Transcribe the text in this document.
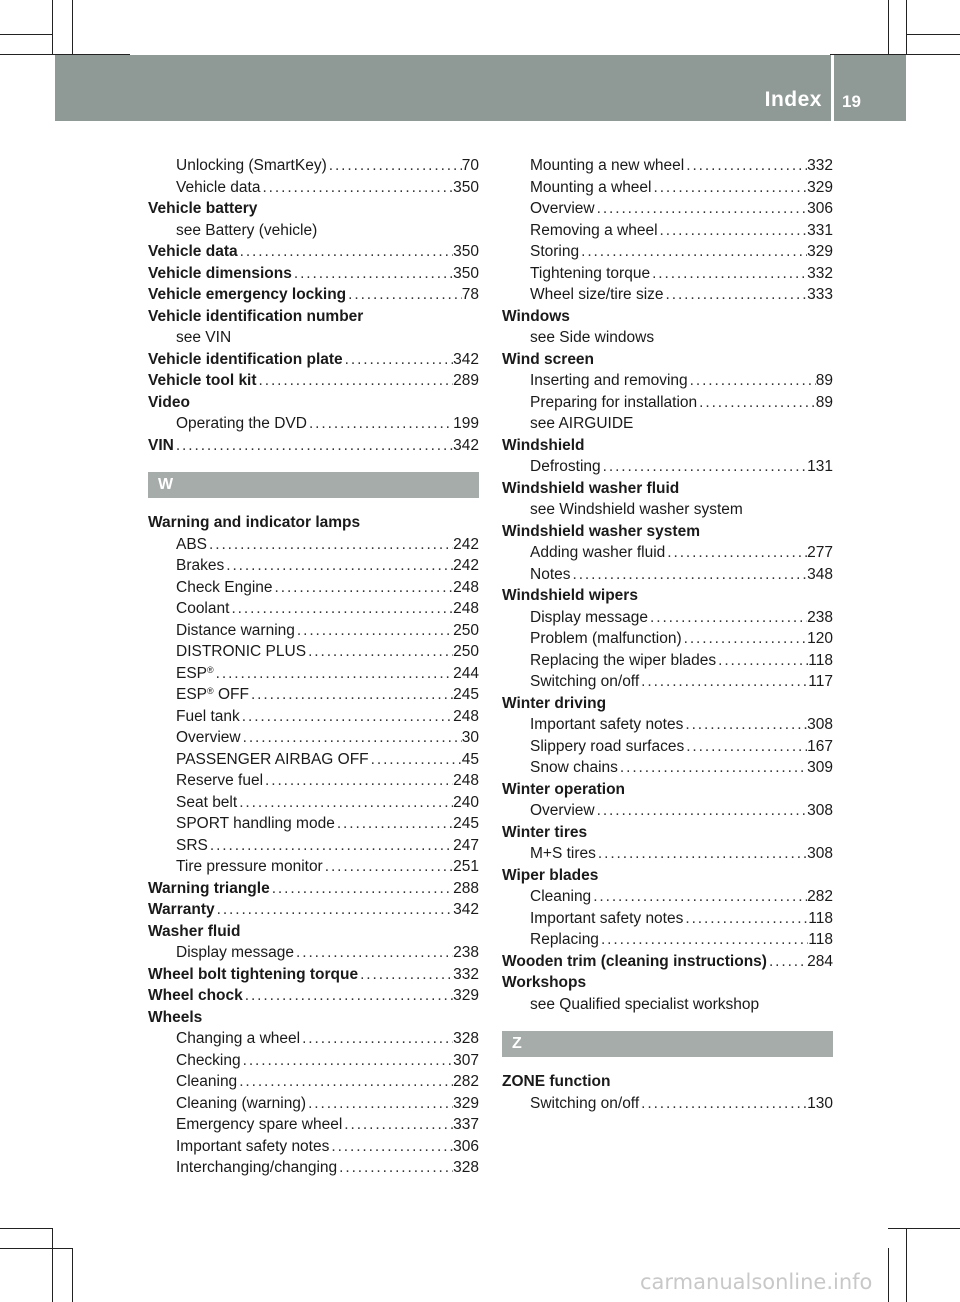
Index 19
Unlocking (SmartKey) . . .	70
Vehicle data . . .	350
Vehicle battery
see Battery (vehicle)
Vehicle data . . .	350
Vehicle dimensions . . .	350
Vehicle emergency locking . . .	78
Vehicle identification number
see VIN
Vehicle identification plate . . .	342
Vehicle tool kit . . .	289
Video
Operating the DVD . . .	199
VIN . . .	342
W
Warning and indicator lamps
ABS . . .	242
Brakes . . .	242
Check Engine . . .	248
Coolant . . .	248
Distance warning . . .	250
DISTRONIC PLUS . . .	250
ESP® . . .	244
ESP® OFF . . .	245
Fuel tank . . .	248
Overview . . .	30
PASSENGER AIRBAG OFF . . .	45
Reserve fuel . . .	248
Seat belt . . .	240
SPORT handling mode . . .	245
SRS . . .	247
Tire pressure monitor . . .	251
Warning triangle . . .	288
Warranty . . .	342
Washer fluid
Display message . . .	238
Wheel bolt tightening torque . . .	332
Wheel chock . . .	329
Wheels
Changing a wheel . . .	328
Checking . . .	307
Cleaning . . .	282
Cleaning (warning) . . .	329
Emergency spare wheel . . .	337
Important safety notes . . .	306
Interchanging/changing . . .	328
Mounting a new wheel . . .	332
Mounting a wheel . . .	329
Overview . . .	306
Removing a wheel . . .	331
Storing . . .	329
Tightening torque . . .	332
Wheel size/tire size . . .	333
Windows
see Side windows
Wind screen
Inserting and removing . . .	89
Preparing for installation . . .	89
see AIRGUIDE
Windshield
Defrosting . . .	131
Windshield washer fluid
see Windshield washer system
Windshield washer system
Adding washer fluid . . .	277
Notes . . .	348
Windshield wipers
Display message . . .	238
Problem (malfunction) . . .	120
Replacing the wiper blades . . .	118
Switching on/off . . .	117
Winter driving
Important safety notes . . .	308
Slippery road surfaces . . .	167
Snow chains . . .	309
Winter operation
Overview . . .	308
Winter tires
M+S tires . . .	308
Wiper blades
Cleaning . . .	282
Important safety notes . . .	118
Replacing . . .	118
Wooden trim (cleaning instructions) . . .	284
Workshops
see Qualified specialist workshop
Z
ZONE function
Switching on/off . . .	130
carmanualsonline.info
